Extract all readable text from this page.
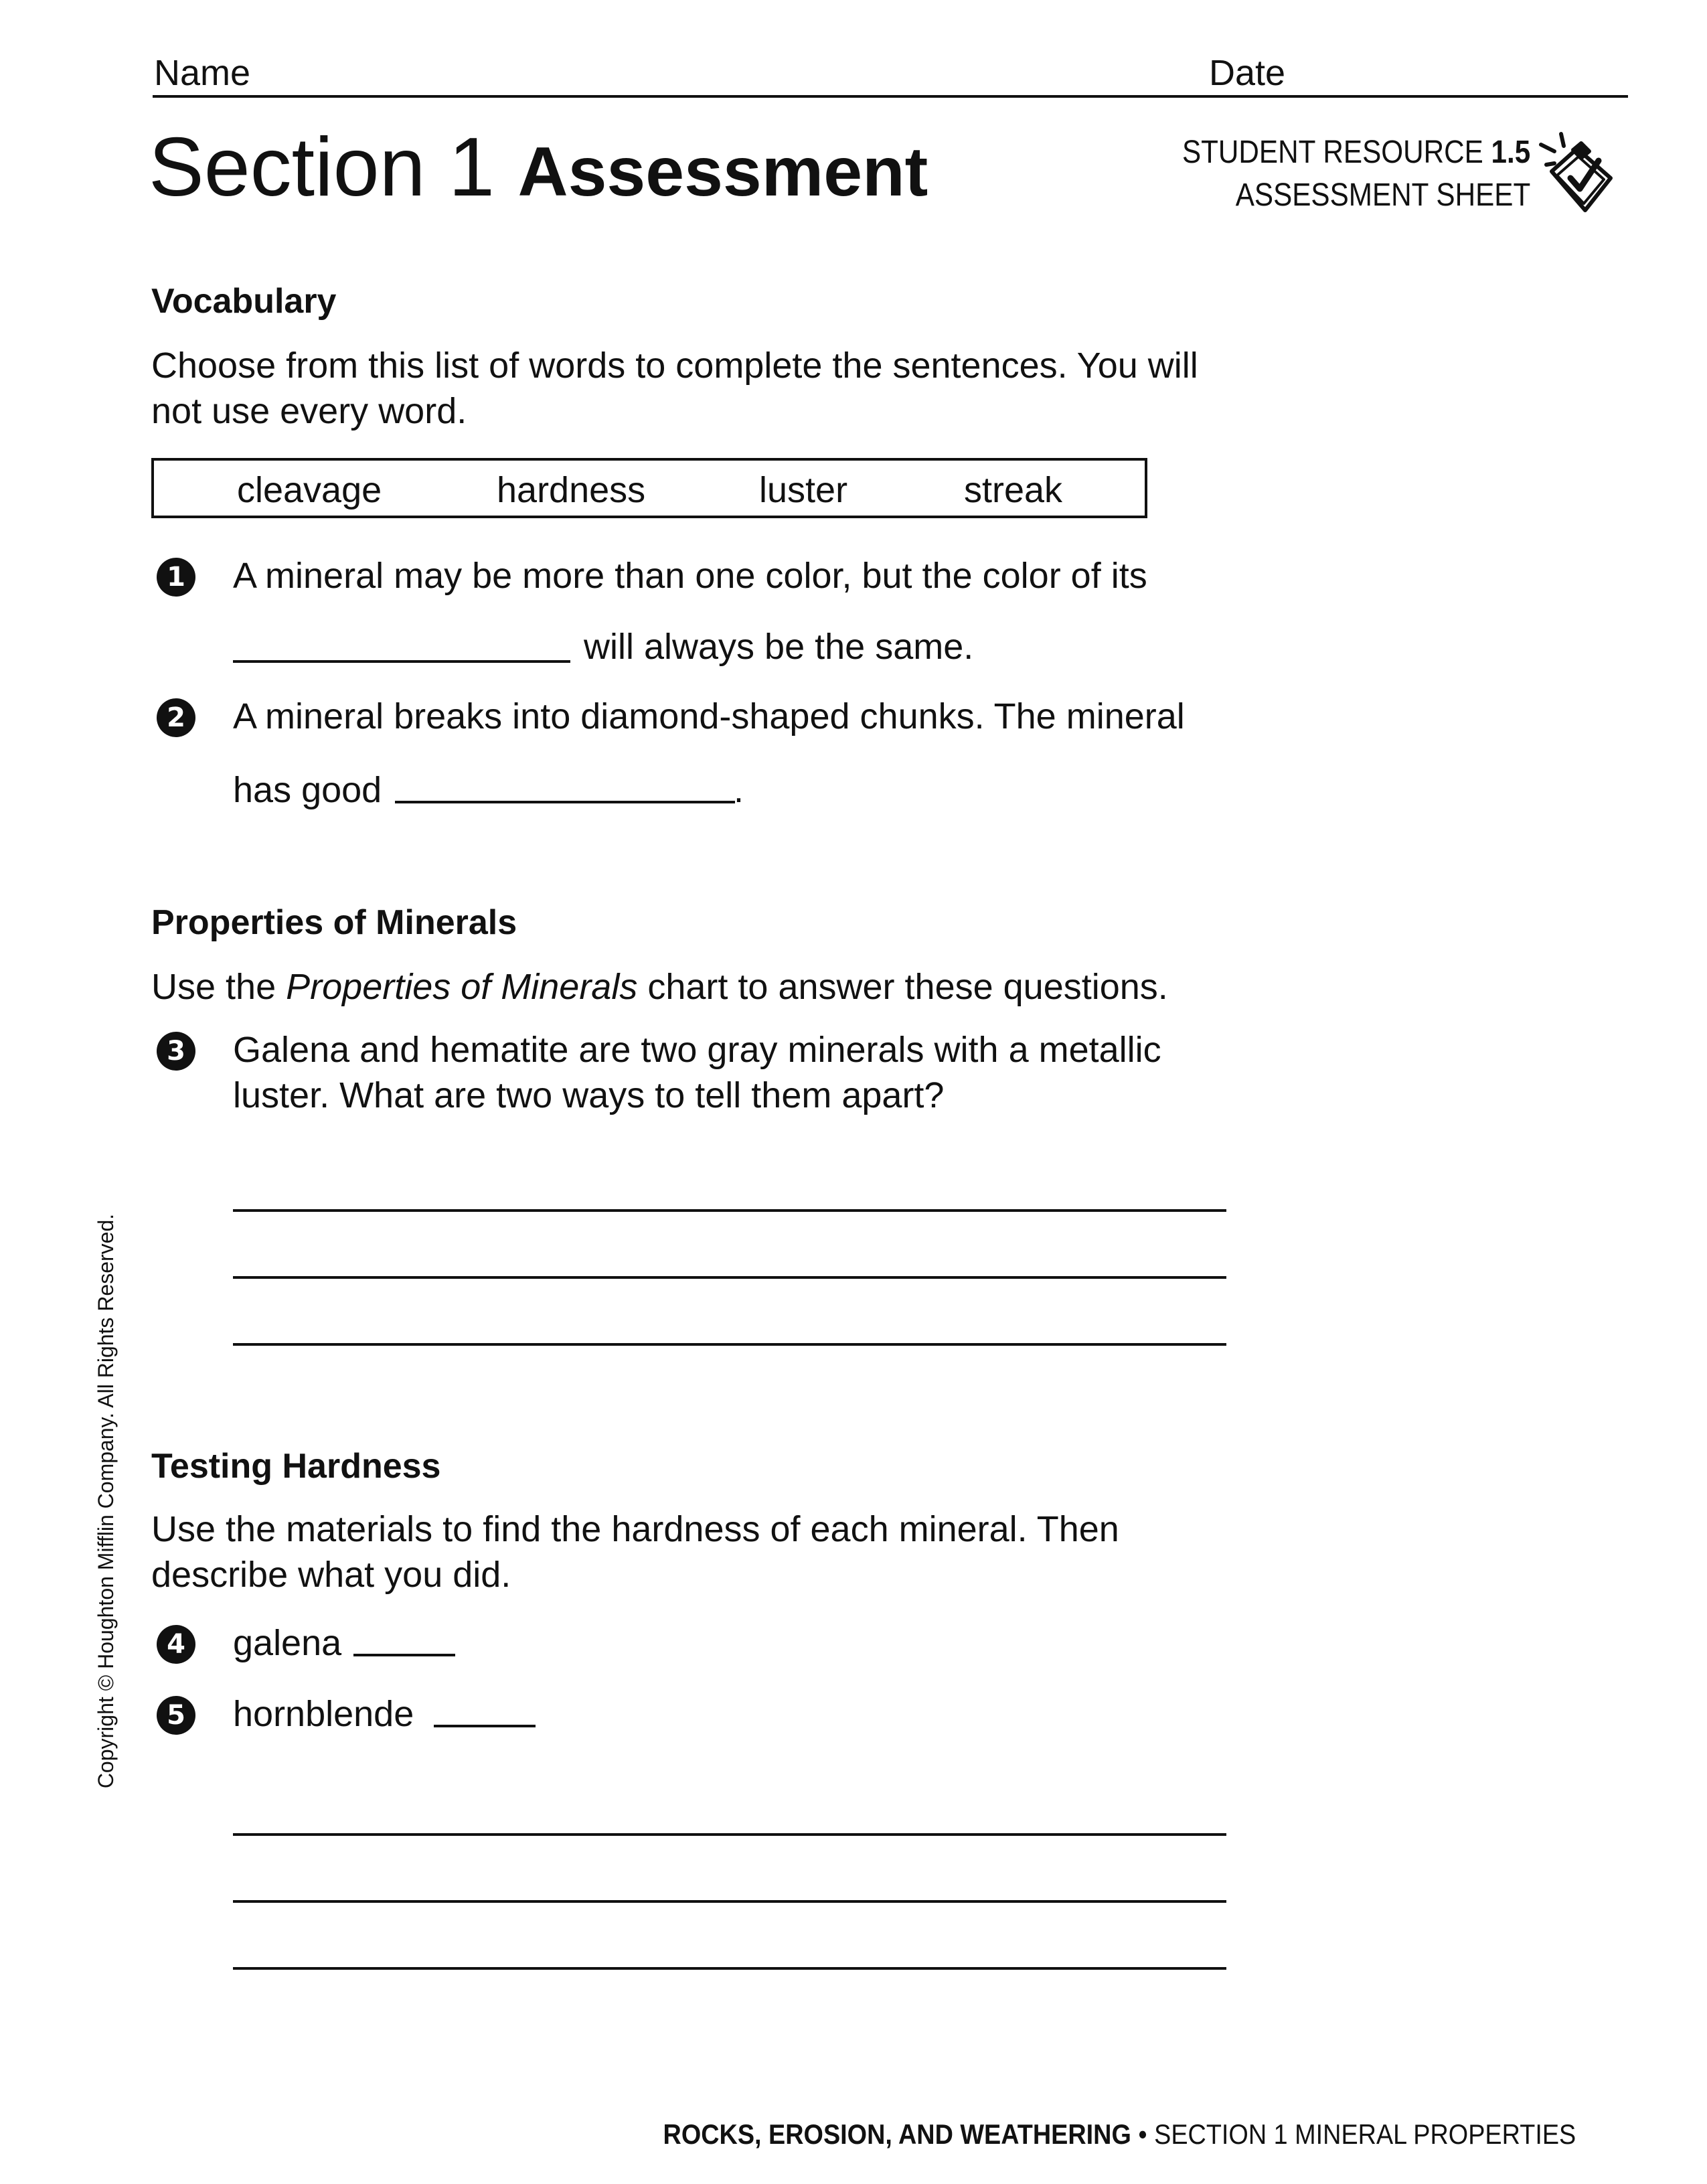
Name	Date
Section 1 Assessment	STUDENT RESOURCE 1.5
ASSESSMENT SHEET
Vocabulary
Choose from this list of words to complete the sentences. You will not use every word.
cleavage	hardness	luster	streak
1 A mineral may be more than one color, but the color of its
will always be the same.
2 A mineral breaks into diamond-shaped chunks. The mineral
has good	.
Properties of Minerals
Use the Properties of Minerals chart to answer these questions.
3 Galena and hematite are two gray minerals with a metallic luster. What are two ways to tell them apart?
Testing Hardness
Use the materials to find the hardness of each mineral. Then describe what you did.
4 galena
5 hornblende
Copyright © Houghton Mifflin Company. All Rights Reserved.
ROCKS, EROSION, AND WEATHERING • SECTION 1 MINERAL PROPERTIES
